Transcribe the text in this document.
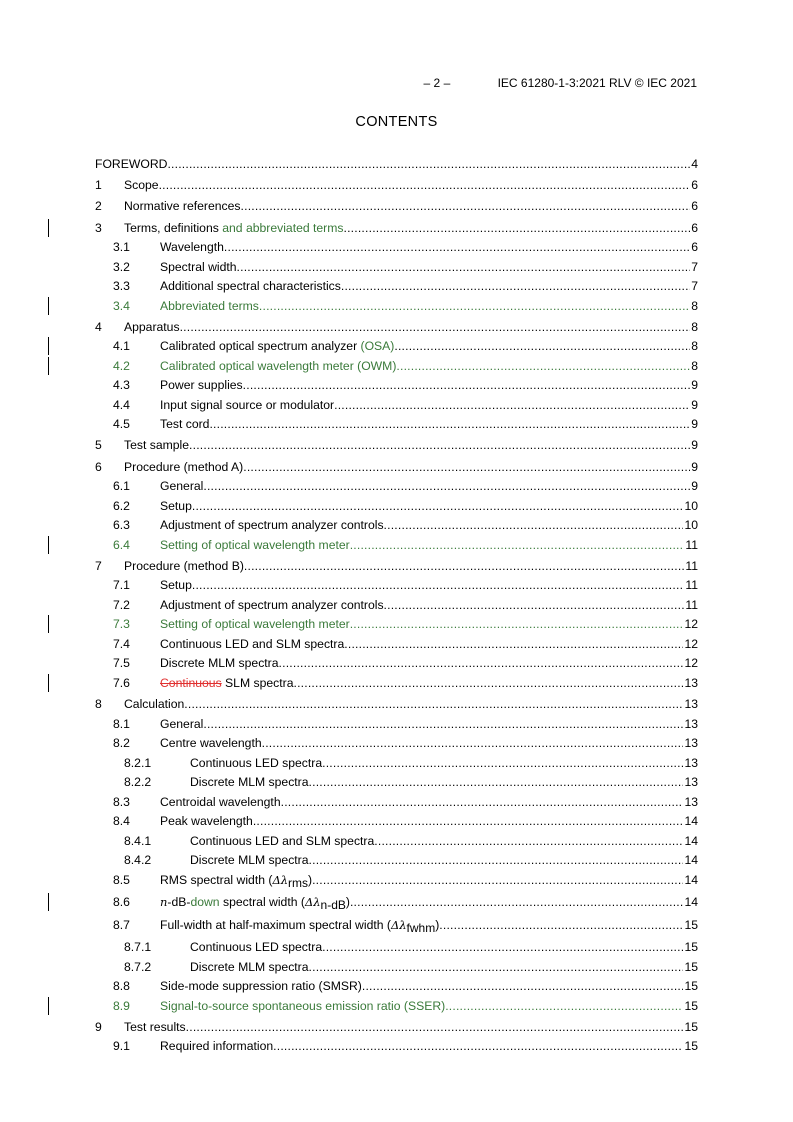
– 2 –	IEC 61280-1-3:2021 RLV © IEC 2021
CONTENTS
FOREWORD .....	4
1 Scope .....	6
2 Normative references .....	6
3 Terms, definitions and abbreviated terms .....	6
3.1 Wavelength .....	6
3.2 Spectral width .....	7
3.3 Additional spectral characteristics .....	7
3.4 Abbreviated terms .....	8
4 Apparatus .....	8
4.1 Calibrated optical spectrum analyzer (OSA) .....	8
4.2 Calibrated optical wavelength meter (OWM) .....	8
4.3 Power supplies .....	9
4.4 Input signal source or modulator .....	9
4.5 Test cord .....	9
5 Test sample .....	9
6 Procedure (method A) .....	9
6.1 General .....	9
6.2 Setup .....	10
6.3 Adjustment of spectrum analyzer controls .....	10
6.4 Setting of optical wavelength meter .....	11
7 Procedure (method B) .....	11
7.1 Setup .....	11
7.2 Adjustment of spectrum analyzer controls .....	11
7.3 Setting of optical wavelength meter .....	12
7.4 Continuous LED and SLM spectra .....	12
7.5 Discrete MLM spectra .....	12
7.6 Continuous SLM spectra .....	13
8 Calculation .....	13
8.1 General .....	13
8.2 Centre wavelength .....	13
8.2.1	Continuous LED spectra .....	13
8.2.2	Discrete MLM spectra .....	13
8.3 Centroidal wavelength .....	13
8.4 Peak wavelength .....	14
8.4.1	Continuous LED and SLM spectra .....	14
8.4.2	Discrete MLM spectra .....	14
8.5 RMS spectral width (Δλrms) .....	14
8.6	n-dB-down spectral width (Δλn-dB) .....	14
8.7 Full-width at half-maximum spectral width (Δλfwhm) .....	15
8.7.1	Continuous LED spectra .....	15
8.7.2	Discrete MLM spectra .....	15
8.8 Side-mode suppression ratio (SMSR) .....	15
8.9 Signal-to-source spontaneous emission ratio (SSER) .....	15
9 Test results .....	15
9.1 Required information .....	15
